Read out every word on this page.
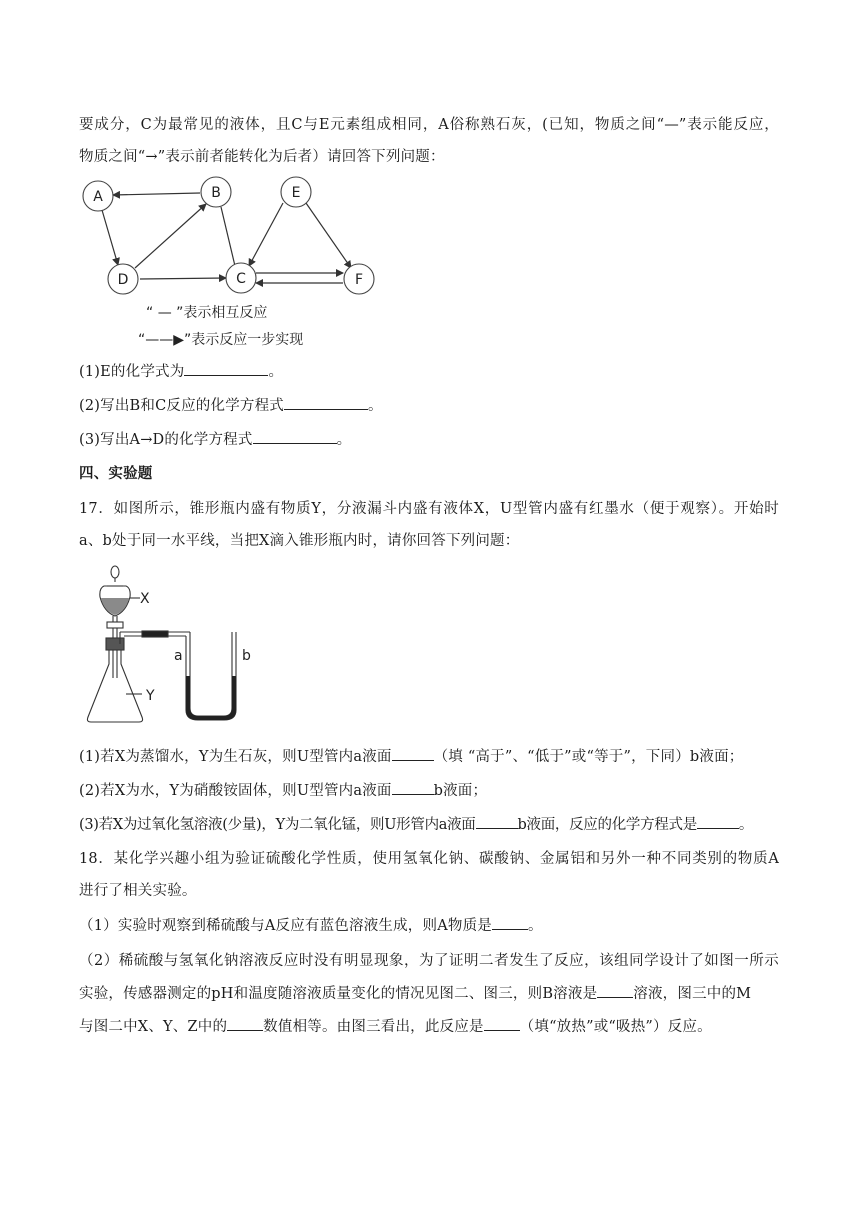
要成分，C为最常见的液体，且C与E元素组成相同，A俗称熟石灰，(已知，物质之间“—”表示能反应，
物质之间“→”表示前者能转化为后者）请回答下列问题：
A	B
C
D
E
F
“ — ”表示相互反应
“——▶”表示反应一步实现
(1)E的化学式为	。
(2)写出B和C反应的化学方程式	。
(3)写出A→D的化学方程式	。
四、实验题
17．如图所示，锥形瓶内盛有物质Y，分液漏斗内盛有液体X，U型管内盛有红墨水（便于观察）。开始时
a、b处于同一水平线，当把X滴入锥形瓶内时，请你回答下列问题：
X
Y
a	b
(1)若X为蒸馏水，Y为生石灰，则U型管内a液面	（填 “高于”、“低于”或“等于”，下同）b液面；
(2)若X为水，Y为硝酸铵固体，则U型管内a液面	b液面；
(3)若X为过氧化氢溶液(少量)，Y为二氧化锰，则U形管内a液面	b液面，反应的化学方程式是	。
18．某化学兴趣小组为验证硫酸化学性质，使用氢氧化钠、碳酸钠、金属铝和另外一种不同类别的物质A
进行了相关实验。
（1）实验时观察到稀硫酸与A反应有蓝色溶液生成，则A物质是 。
（2）稀硫酸与氢氧化钠溶液反应时没有明显现象，为了证明二者发生了反应，该组同学设计了如图一所示
实验，传感器测定的pH和温度随溶液质量变化的情况见图二、图三，则B溶液是 溶液，图三中的M
与图二中X、Y、Z中的 数值相等。由图三看出，此反应是 （填“放热”或“吸热”）反应。
